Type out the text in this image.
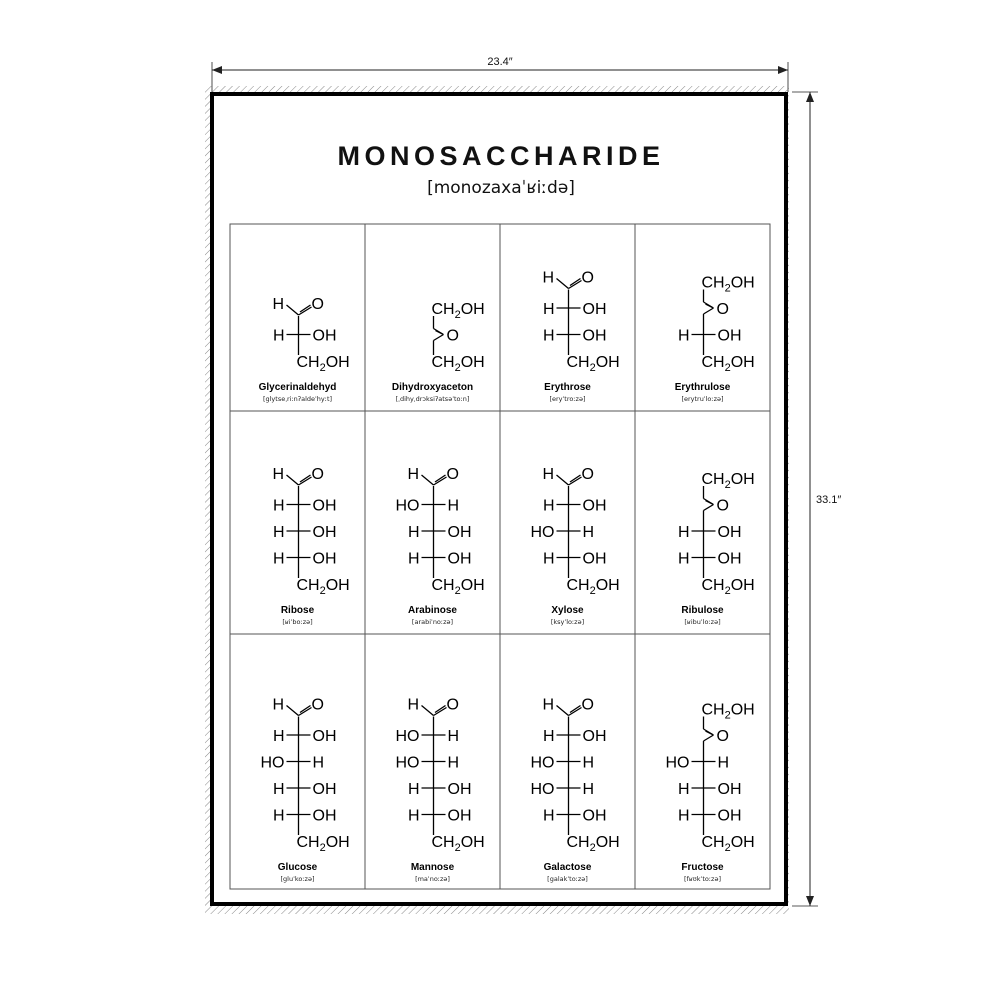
23.4″
33.1″
MONOSACCHARIDE
[monozaxaˈʁiːdə]
H O
H OH
$CH_2OH$
Glycerinaldehyd
[glytseˌriːnʔaldeˈhyːt]
$CH_2OH$
O
$CH_2OH$
Dihydroxyaceton
[ˌdihyˌdrɔksiʔatsəˈtoːn]
H O
H OH
H OH
$CH_2OH$
Erythrose
[eryˈtroːzə]
$CH_2OH$
O
H OH
$CH_2OH$
Erythrulose
[erytruˈloːzə]
H O
H OH
H OH
H OH
$CH_2OH$
Ribose
[ʁiˈboːzə]
H O
HO H
H OH
H OH
$CH_2OH$
Arabinose
[arabiˈnoːzə]
H O
H OH
HO H
H OH
$CH_2OH$
Xylose
[ksyˈloːzə]
$CH_2OH$
O
H OH
H OH
$CH_2OH$
Ribulose
[ʁibuˈloːzə]
H O
H OH
HO H
H OH
H OH
$CH_2OH$
Glucose
[gluˈkoːzə]
H O
HO H
HO H
H OH
H OH
$CH_2OH$
Mannose
[maˈnoːzə]
H O
H OH
HO H
HO H
H OH
$CH_2OH$
Galactose
[galakˈtoːzə]
$CH_2OH$
O
HO H
H OH
H OH
$CH_2OH$
Fructose
[fʁʊkˈtoːzə]
